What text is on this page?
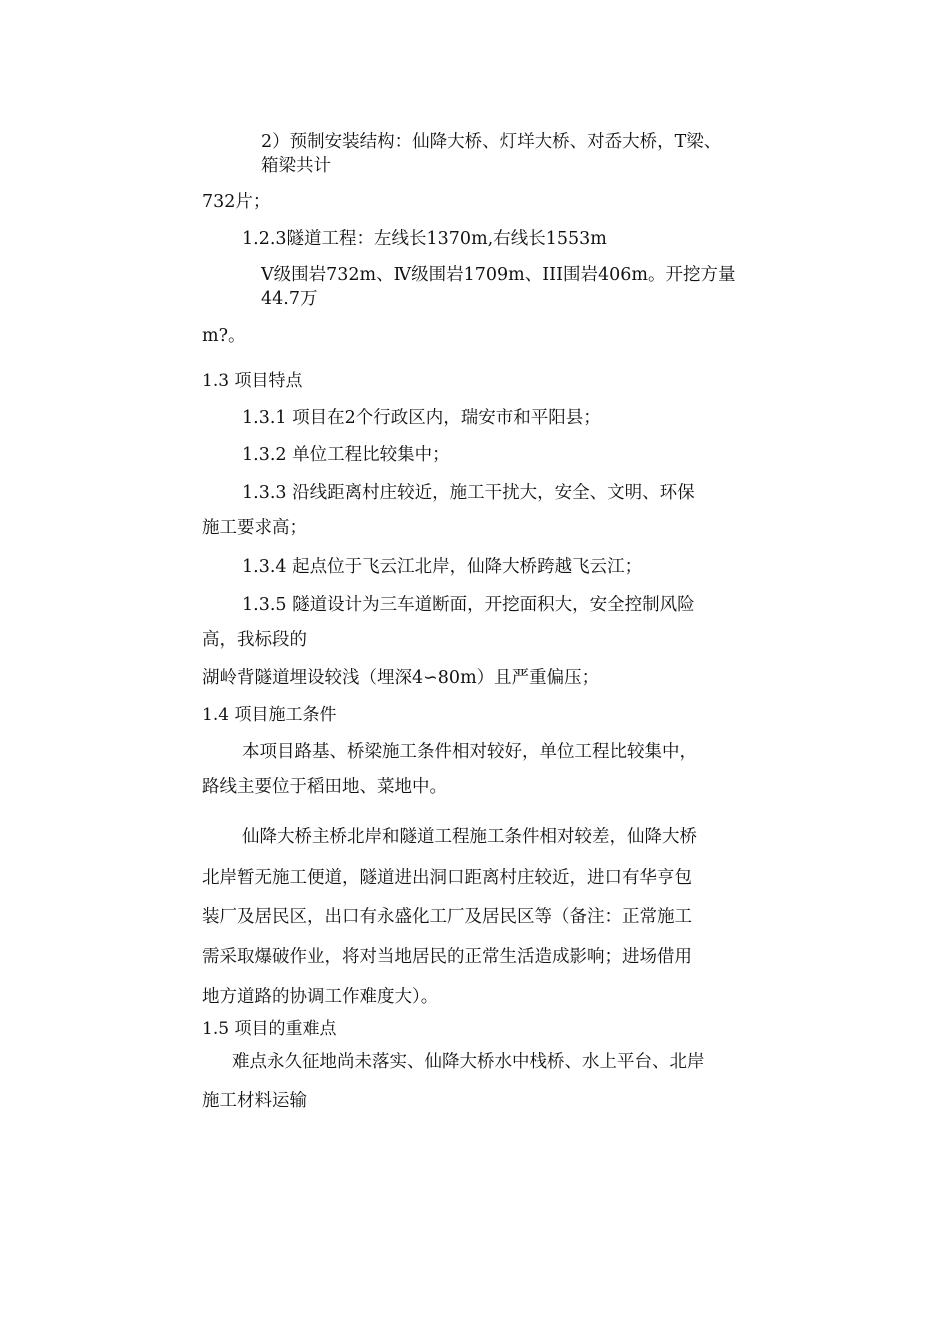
2）预制安装结构：仙降大桥、灯垟大桥、对岙大桥，T梁、

箱梁共计

732片；

1.2.3隧道工程：左线长1370m,右线长1553m

Ⅴ级围岩732m、Ⅳ级围岩1709m、III围岩406m。开挖方量

44.7万

m?。

1.3 项目特点

1.3.1 项目在2个行政区内，瑞安市和平阳县；

1.3.2 单位工程比较集中；

1.3.3 沿线距离村庄较近，施工干扰大，安全、文明、环保

施工要求高；

1.3.4 起点位于飞云江北岸，仙降大桥跨越飞云江；

1.3.5 隧道设计为三车道断面，开挖面积大，安全控制风险

高，我标段的

湖岭背隧道埋设较浅（埋深4∽80m）且严重偏压；

1.4 项目施工条件

本项目路基、桥梁施工条件相对较好，单位工程比较集中，

路线主要位于稻田地、菜地中。

仙降大桥主桥北岸和隧道工程施工条件相对较差，仙降大桥

北岸暂无施工便道，隧道进出洞口距离村庄较近，进口有华亨包

装厂及居民区，出口有永盛化工厂及居民区等（备注：正常施工

需采取爆破作业，将对当地居民的正常生活造成影响；进场借用

地方道路的协调工作难度大）。

1.5 项目的重难点

难点永久征地尚未落实、仙降大桥水中栈桥、水上平台、北岸

施工材料运输
